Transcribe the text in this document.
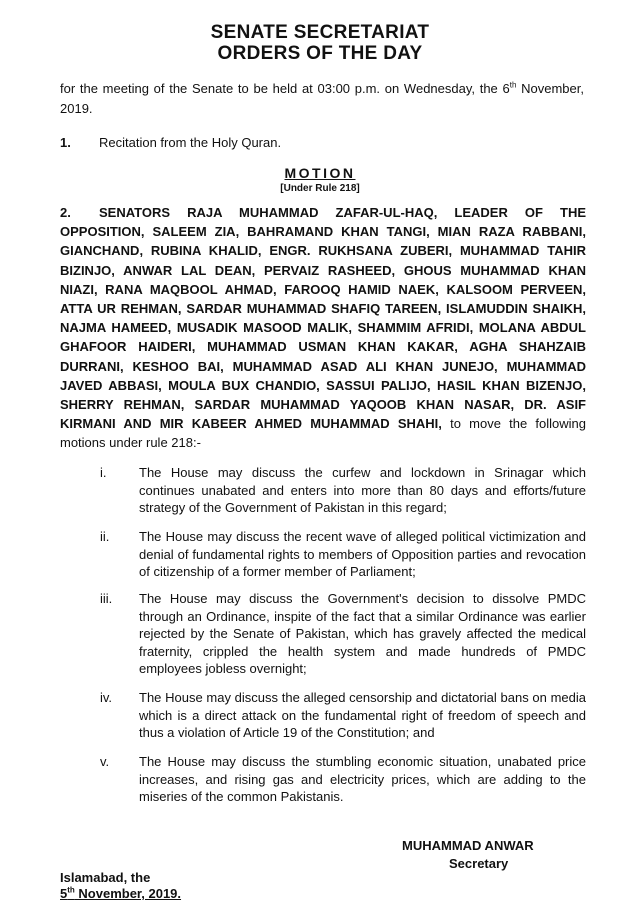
SENATE SECRETARIAT
ORDERS OF THE DAY
for the meeting of the Senate to be held at 03:00 p.m. on Wednesday, the 6th November, 2019.
1. Recitation from the Holy Quran.
MOTION
[Under Rule 218]
2. SENATORS RAJA MUHAMMAD ZAFAR-UL-HAQ, LEADER OF THE OPPOSITION, SALEEM ZIA, BAHRAMAND KHAN TANGI, MIAN RAZA RABBANI, GIANCHAND, RUBINA KHALID, ENGR. RUKHSANA ZUBERI, MUHAMMAD TAHIR BIZINJO, ANWAR LAL DEAN, PERVAIZ RASHEED, GHOUS MUHAMMAD KHAN NIAZI, RANA MAQBOOL AHMAD, FAROOQ HAMID NAEK, KALSOOM PERVEEN, ATTA UR REHMAN, SARDAR MUHAMMAD SHAFIQ TAREEN, ISLAMUDDIN SHAIKH, NAJMA HAMEED, MUSADIK MASOOD MALIK, SHAMMIM AFRIDI, MOLANA ABDUL GHAFOOR HAIDERI, MUHAMMAD USMAN KHAN KAKAR, AGHA SHAHZAIB DURRANI, KESHOO BAI, MUHAMMAD ASAD ALI KHAN JUNEJO, MUHAMMAD JAVED ABBASI, MOULA BUX CHANDIO, SASSUI PALIJO, HASIL KHAN BIZENJO, SHERRY REHMAN, SARDAR MUHAMMAD YAQOOB KHAN NASAR, DR. ASIF KIRMANI AND MIR KABEER AHMED MUHAMMAD SHAHI, to move the following motions under rule 218:-
i.	The House may discuss the curfew and lockdown in Srinagar which continues unabated and enters into more than 80 days and efforts/future strategy of the Government of Pakistan in this regard;
ii. The House may discuss the recent wave of alleged political victimization and denial of fundamental rights to members of Opposition parties and revocation of citizenship of a former member of Parliament;
iii. The House may discuss the Government's decision to dissolve PMDC through an Ordinance, inspite of the fact that a similar Ordinance was earlier rejected by the Senate of Pakistan, which has gravely affected the medical fraternity, crippled the health system and made hundreds of PMDC employees jobless overnight;
iv. The House may discuss the alleged censorship and dictatorial bans on media which is a direct attack on the fundamental right of freedom of speech and thus a violation of Article 19 of the Constitution; and
v. The House may discuss the stumbling economic situation, unabated price increases, and rising gas and electricity prices, which are adding to the miseries of the common Pakistanis.
MUHAMMAD ANWAR
Secretary
Islamabad, the
5th November, 2019.
